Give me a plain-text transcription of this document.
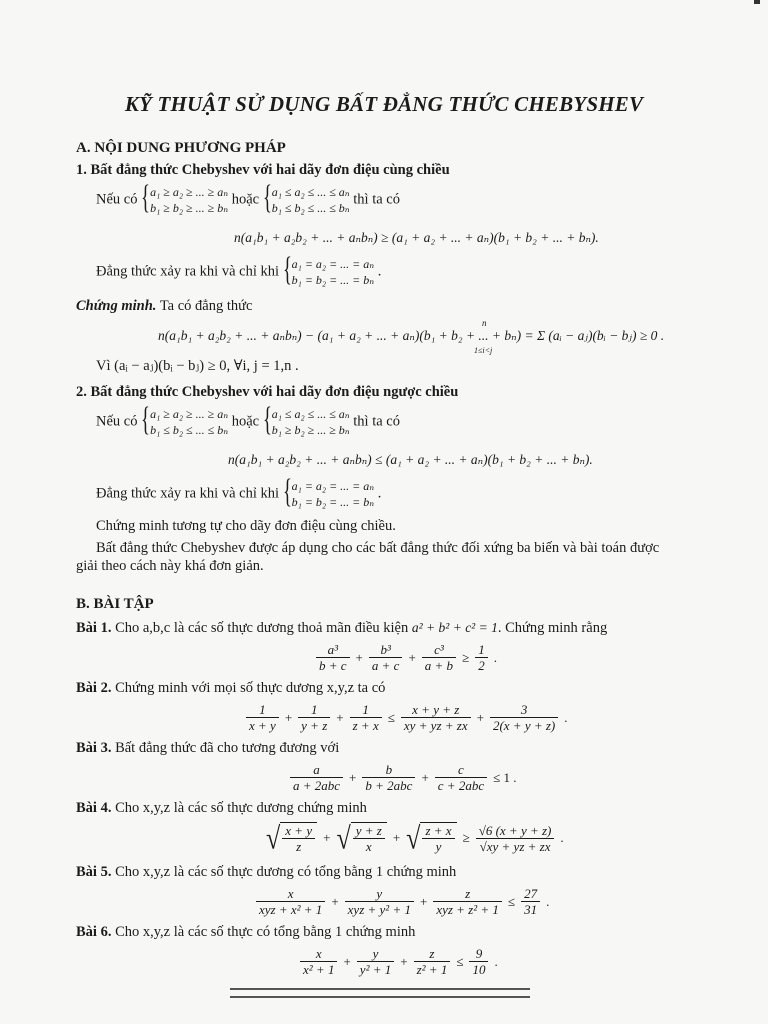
KỸ THUẬT SỬ DỤNG BẤT ĐẲNG THỨC CHEBYSHEV
A. NỘI DUNG PHƯƠNG PHÁP
1. Bất đẳng thức Chebyshev với hai dãy đơn điệu cùng chiều
Nếu có { a₁ ≥ a₂ ≥ ... ≥ aₙ
b₁ ≥ b₂ ≥ ... ≥ bₙ
hoặc { a₁ ≤ a₂ ≤ ... ≤ aₙ
b₁ ≤ b₂ ≤ ... ≤ bₙ
thì ta có
n(a₁b₁ + a₂b₂ + ... + aₙbₙ) ≥ (a₁ + a₂ + ... + aₙ)(b₁ + b₂ + ... + bₙ).
Đẳng thức xảy ra khi và chỉ khi { a₁ = a₂ = ... = aₙ
b₁ = b₂ = ... = bₙ
.
Chứng minh. Ta có đẳng thức
n(a₁b₁ + a₂b₂ + ... + aₙbₙ) − (a₁ + a₂ + ... + aₙ)(b₁ + b₂ + ... + bₙ) = Σ (aᵢ − aⱼ)(bᵢ − bⱼ) ≥ 0 .
n
1≤i<j
Vì (aᵢ − aⱼ)(bᵢ − bⱼ) ≥ 0, ∀i, j = 1,n .
2. Bất đẳng thức Chebyshev với hai dãy đơn điệu ngược chiều
Nếu có { a₁ ≥ a₂ ≥ ... ≥ aₙ
b₁ ≤ b₂ ≤ ... ≤ bₙ
hoặc { a₁ ≤ a₂ ≤ ... ≤ aₙ
b₁ ≥ b₂ ≥ ... ≥ bₙ
thì ta có
n(a₁b₁ + a₂b₂ + ... + aₙbₙ) ≤ (a₁ + a₂ + ... + aₙ)(b₁ + b₂ + ... + bₙ).
Đẳng thức xảy ra khi và chỉ khi { a₁ = a₂ = ... = aₙ
b₁ = b₂ = ... = bₙ
.
Chứng minh tương tự cho dãy đơn điệu cùng chiều.
Bất đẳng thức Chebyshev được áp dụng cho các bất đẳng thức đối xứng ba biến và bài toán được
giải theo cách này khá đơn giản.
B. BÀI TẬP
Bài 1. Cho a,b,c là các số thực dương thoả mãn điều kiện a² + b² + c² = 1. Chứng minh rằng
$\frac{\text{a³}}{b + c} + \frac{\text{b³}}{a + c} + \frac{\text{c³}}{a + b} \ge \frac{1}{2}$ .
Bài 2. Chứng minh với mọi số thực dương x,y,z ta có
$\frac{1}{x + y} + \frac{1}{y + z} + \frac{1}{z + x} \le \frac{x + y + z}{xy + yz + zx} + \frac{3}{2(x + y + z)}$ .
Bài 3. Bất đẳng thức đã cho tương đương với
$\frac{a}{\text{a + 2abc}} + \frac{b}{\text{b + 2abc}} + \frac{c}{\text{c + 2abc}} \le 1$ .
Bài 4. Cho x,y,z là các số thực dương chứng minh
√ $\frac{x + y}{z}$ + √ $\frac{y + z}{x}$ + √ $\frac{z + x}{y} \ge \frac{√6 (x + y + z)}{√xy + yz + zx}$ .
Bài 5. Cho x,y,z là các số thực dương có tổng bằng 1 chứng minh
$\frac{x}{\text{xyz + x² + 1}} + \frac{y}{\text{xyz + y² + 1}} + \frac{z}{\text{xyz + z² + 1}} \le \frac{27}{31}$ .
Bài 6. Cho x,y,z là các số thực có tổng bằng 1 chứng minh
$\frac{x}{\text{x² + 1}} + \frac{y}{\text{y² + 1}} + \frac{z}{\text{z² + 1}} \le \frac{9}{10}$ .
